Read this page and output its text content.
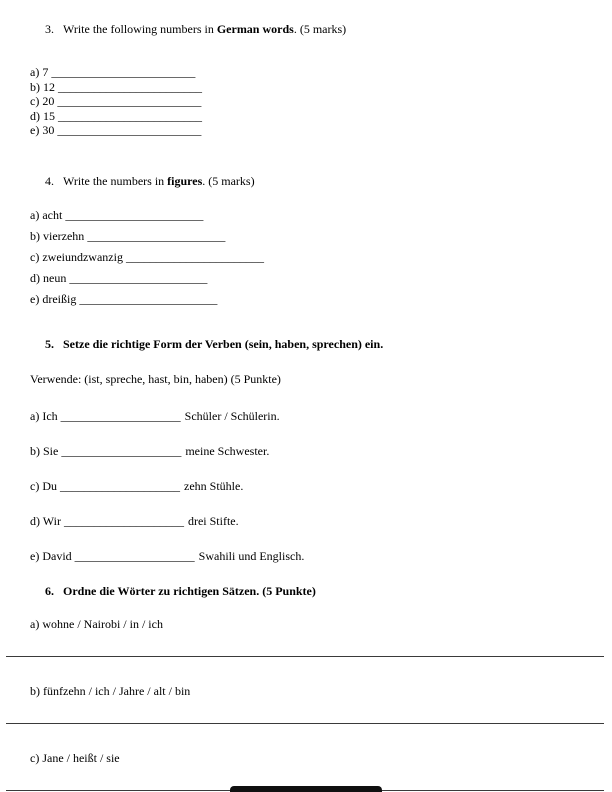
3. Write the following numbers in German words. (5 marks)

a) 7 ________________________

b) 12 ________________________

c) 20 ________________________

d) 15 ________________________

e) 30 ________________________

4. Write the numbers in figures. (5 marks)

a) acht _______________________

b) vierzehn _______________________

c) zweiundzwanzig _______________________

d) neun _______________________

e) dreißig _______________________

5. Setze die richtige Form der Verben (sein, haben, sprechen) ein.

Verwende: (ist, spreche, hast, bin, haben) (5 Punkte)

a) Ich ____________________ Schüler / Schülerin.

b) Sie ____________________ meine Schwester.

c) Du ____________________ zehn Stühle.

d) Wir ____________________ drei Stifte.

e) David ____________________ Swahili und Englisch.

6. Ordne die Wörter zu richtigen Sätzen. (5 Punkte)

a) wohne / Nairobi / in / ich

b) fünfzehn / ich / Jahre / alt / bin

c) Jane / heißt / sie
